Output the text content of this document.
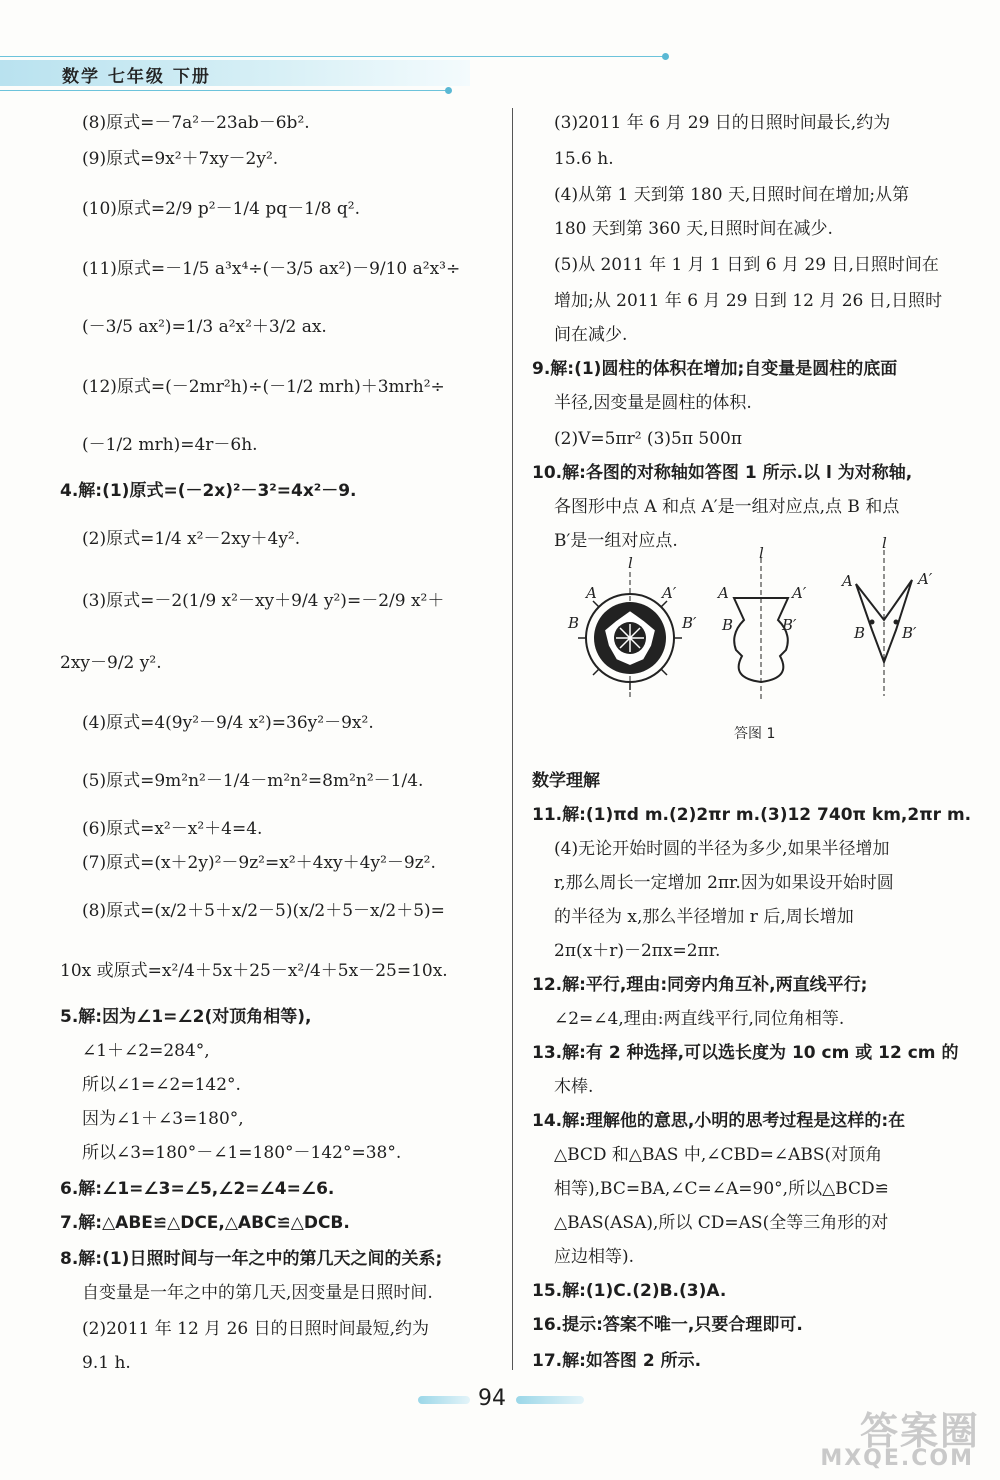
数学 七年级 下册
(8)原式=－7a²－23ab－6b².
(9)原式=9x²＋7xy－2y².
(10)原式=2/9 p²－1/4 pq－1/8 q².
(11)原式=－1/5 a³x⁴÷(－3/5 ax²)－9/10 a²x³÷
(－3/5 ax²)=1/3 a²x²＋3/2 ax.
(12)原式=(－2mr²h)÷(－1/2 mrh)＋3mrh²÷
(－1/2 mrh)=4r－6h.
4.解:(1)原式=(－2x)²－3²=4x²－9.
(2)原式=1/4 x²－2xy＋4y².
(3)原式=－2(1/9 x²－xy＋9/4 y²)=－2/9 x²＋
2xy－9/2 y².
(4)原式=4(9y²－9/4 x²)=36y²－9x².
(5)原式=9m²n²－1/4－m²n²=8m²n²－1/4.
(6)原式=x²－x²＋4=4.
(7)原式=(x＋2y)²－9z²=x²＋4xy＋4y²－9z².
(8)原式=(x/2＋5＋x/2－5)(x/2＋5－x/2＋5)=
10x 或原式=x²/4＋5x＋25－x²/4＋5x－25=10x.
5.解:因为∠1=∠2(对顶角相等),
∠1＋∠2=284°,
所以∠1=∠2=142°.
因为∠1＋∠3=180°,
所以∠3=180°－∠1=180°－142°=38°.
6.解:∠1=∠3=∠5,∠2=∠4=∠6.
7.解:△ABE≌△DCE,△ABC≌△DCB.
8.解:(1)日照时间与一年之中的第几天之间的关系;
自变量是一年之中的第几天,因变量是日照时间.
(2)2011 年 12 月 26 日的日照时间最短,约为
9.1 h.
(3)2011 年 6 月 29 日的日照时间最长,约为
15.6 h.
(4)从第 1 天到第 180 天,日照时间在增加;从第
180 天到第 360 天,日照时间在减少.
(5)从 2011 年 1 月 1 日到 6 月 29 日,日照时间在
增加;从 2011 年 6 月 29 日到 12 月 26 日,日照时
间在减少.
9.解:(1)圆柱的体积在增加;自变量是圆柱的底面
半径,因变量是圆柱的体积.
(2)V=5πr² (3)5π 500π
10.解:各图的对称轴如答图 1 所示.以 l 为对称轴,
各图形中点 A 和点 A′是一组对应点,点 B 和点
B′是一组对应点.
数学理解
11.解:(1)πd m.(2)2πr m.(3)12 740π km,2πr m.
(4)无论开始时圆的半径为多少,如果半径增加
r,那么周长一定增加 2πr.因为如果设开始时圆
的半径为 x,那么半径增加 r 后,周长增加
2π(x＋r)－2πx=2πr.
12.解:平行,理由:同旁内角互补,两直线平行;
∠2=∠4,理由:两直线平行,同位角相等.
13.解:有 2 种选择,可以选长度为 10 cm 或 12 cm 的
木棒.
14.解:理解他的意思,小明的思考过程是这样的:在
△BCD 和△BAS 中,∠CBD=∠ABS(对顶角
相等),BC=BA,∠C=∠A=90°,所以△BCD≌
△BAS(ASA),所以 CD=AS(全等三角形的对
应边相等).
15.解:(1)C.(2)B.(3)A.
16.提示:答案不唯一,只要合理即可.
17.解:如答图 2 所示.
l
A	A′
B	B′
l
A	A′
B	B′
l
A	A′
B B′
答图 1
94
答案圈
MXQE.COM
